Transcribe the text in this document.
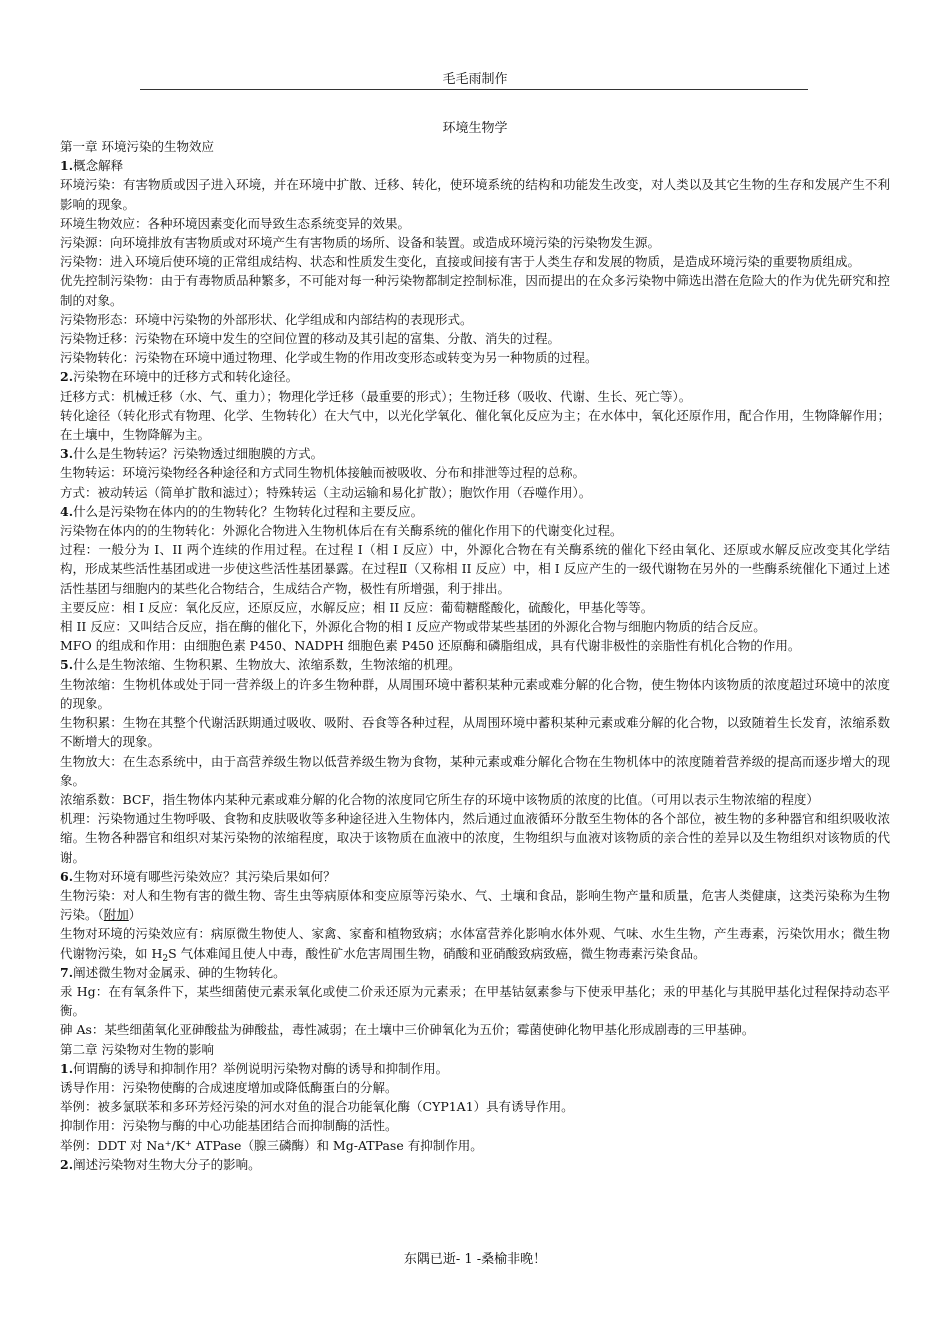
毛毛雨制作
环境生物学

第一章 环境污染的生物效应

1.概念解释

环境污染：有害物质或因子进入环境，并在环境中扩散、迁移、转化，使环境系统的结构和功能发生改变，对人类以及其它生物的生存和发展产生不利影响的现象。

环境生物效应：各种环境因素变化而导致生态系统变异的效果。

污染源：向环境排放有害物质或对环境产生有害物质的场所、设备和装置。或造成环境污染的污染物发生源。

污染物：进入环境后使环境的正常组成结构、状态和性质发生变化，直接或间接有害于人类生存和发展的物质，是造成环境污染的重要物质组成。

优先控制污染物：由于有毒物质品种繁多，不可能对每一种污染物都制定控制标准，因而提出的在众多污染物中筛选出潜在危险大的作为优先研究和控制的对象。

污染物形态：环境中污染物的外部形状、化学组成和内部结构的表现形式。

污染物迁移：污染物在环境中发生的空间位置的移动及其引起的富集、分散、消失的过程。

污染物转化：污染物在环境中通过物理、化学或生物的作用改变形态或转变为另一种物质的过程。

2.污染物在环境中的迁移方式和转化途径。

迁移方式：机械迁移（水、气、重力）；物理化学迁移（最重要的形式）；生物迁移（吸收、代谢、生长、死亡等）。

转化途径（转化形式有物理、化学、生物转化）在大气中，以光化学氧化、催化氧化反应为主；在水体中，氧化还原作用，配合作用，生物降解作用；在土壤中，生物降解为主。

3.什么是生物转运？污染物透过细胞膜的方式。

生物转运：环境污染物经各种途径和方式同生物机体接触而被吸收、分布和排泄等过程的总称。

方式：被动转运（简单扩散和滤过）；特殊转运（主动运输和易化扩散）；胞饮作用（吞噬作用）。

4.什么是污染物在体内的的生物转化？生物转化过程和主要反应。

污染物在体内的的生物转化：外源化合物进入生物机体后在有关酶系统的催化作用下的代谢变化过程。

过程：一般分为 I、II 两个连续的作用过程。在过程 I（相 I 反应）中，外源化合物在有关酶系统的催化下经由氧化、还原或水解反应改变其化学结构，形成某些活性基团或进一步使这些活性基团暴露。在过程Ⅱ（又称相 II 反应）中，相 I 反应产生的一级代谢物在另外的一些酶系统催化下通过上述活性基团与细胞内的某些化合物结合，生成结合产物，极性有所增强，利于排出。

主要反应：相 I 反应：氧化反应，还原反应，水解反应；相 II 反应：葡萄糖醛酸化，硫酸化，甲基化等等。

相 II 反应：又叫结合反应，指在酶的催化下，外源化合物的相 I 反应产物或带某些基团的外源化合物与细胞内物质的结合反应。

MFO 的组成和作用：由细胞色素 P450、NADPH 细胞色素 P450 还原酶和磷脂组成，具有代谢非极性的亲脂性有机化合物的作用。

5.什么是生物浓缩、生物积累、生物放大、浓缩系数，生物浓缩的机理。

生物浓缩：生物机体或处于同一营养级上的许多生物种群，从周围环境中蓄积某种元素或难分解的化合物，使生物体内该物质的浓度超过环境中的浓度的现象。

生物积累：生物在其整个代谢活跃期通过吸收、吸附、吞食等各种过程，从周围环境中蓄积某种元素或难分解的化合物，以致随着生长发育，浓缩系数不断增大的现象。

生物放大：在生态系统中，由于高营养级生物以低营养级生物为食物，某种元素或难分解化合物在生物机体中的浓度随着营养级的提高而逐步增大的现象。

浓缩系数：BCF，指生物体内某种元素或难分解的化合物的浓度同它所生存的环境中该物质的浓度的比值。（可用以表示生物浓缩的程度）

机理：污染物通过生物呼吸、食物和皮肤吸收等多种途径进入生物体内，然后通过血液循环分散至生物体的各个部位，被生物的多种器官和组织吸收浓缩。生物各种器官和组织对某污染物的浓缩程度，取决于该物质在血液中的浓度，生物组织与血液对该物质的亲合性的差异以及生物组织对该物质的代谢。

6.生物对环境有哪些污染效应？其污染后果如何？

生物污染：对人和生物有害的微生物、寄生虫等病原体和变应原等污染水、气、土壤和食品，影响生物产量和质量，危害人类健康，这类污染称为生物污染。（附加）

生物对环境的污染效应有：病原微生物使人、家禽、家畜和植物致病；水体富营养化影响水体外观、气味、水生生物，产生毒素，污染饮用水；微生物代谢物污染，如 $H_2S$ 气体难闻且使人中毒，酸性矿水危害周围生物，硝酸和亚硝酸致病致癌，微生物毒素污染食品。

7.阐述微生物对金属汞、砷的生物转化。

汞 Hg：在有氧条件下，某些细菌使元素汞氧化或使二价汞还原为元素汞；在甲基钴氨素参与下使汞甲基化；汞的甲基化与其脱甲基化过程保持动态平衡。

砷 As：某些细菌氧化亚砷酸盐为砷酸盐，毒性减弱；在土壤中三价砷氧化为五价；霉菌使砷化物甲基化形成剧毒的三甲基砷。

第二章 污染物对生物的影响

1.何谓酶的诱导和抑制作用？举例说明污染物对酶的诱导和抑制作用。

诱导作用：污染物使酶的合成速度增加或降低酶蛋白的分解。

举例：被多氯联苯和多环芳烃污染的河水对鱼的混合功能氧化酶（CYP1A1）具有诱导作用。

抑制作用：污染物与酶的中心功能基团结合而抑制酶的活性。

举例：DDT 对 Na+/K+ ATPase（腺三磷酶）和 Mg-ATPase 有抑制作用。

2.阐述污染物对生物大分子的影响。

东隅已逝- 1 -桑榆非晚！
